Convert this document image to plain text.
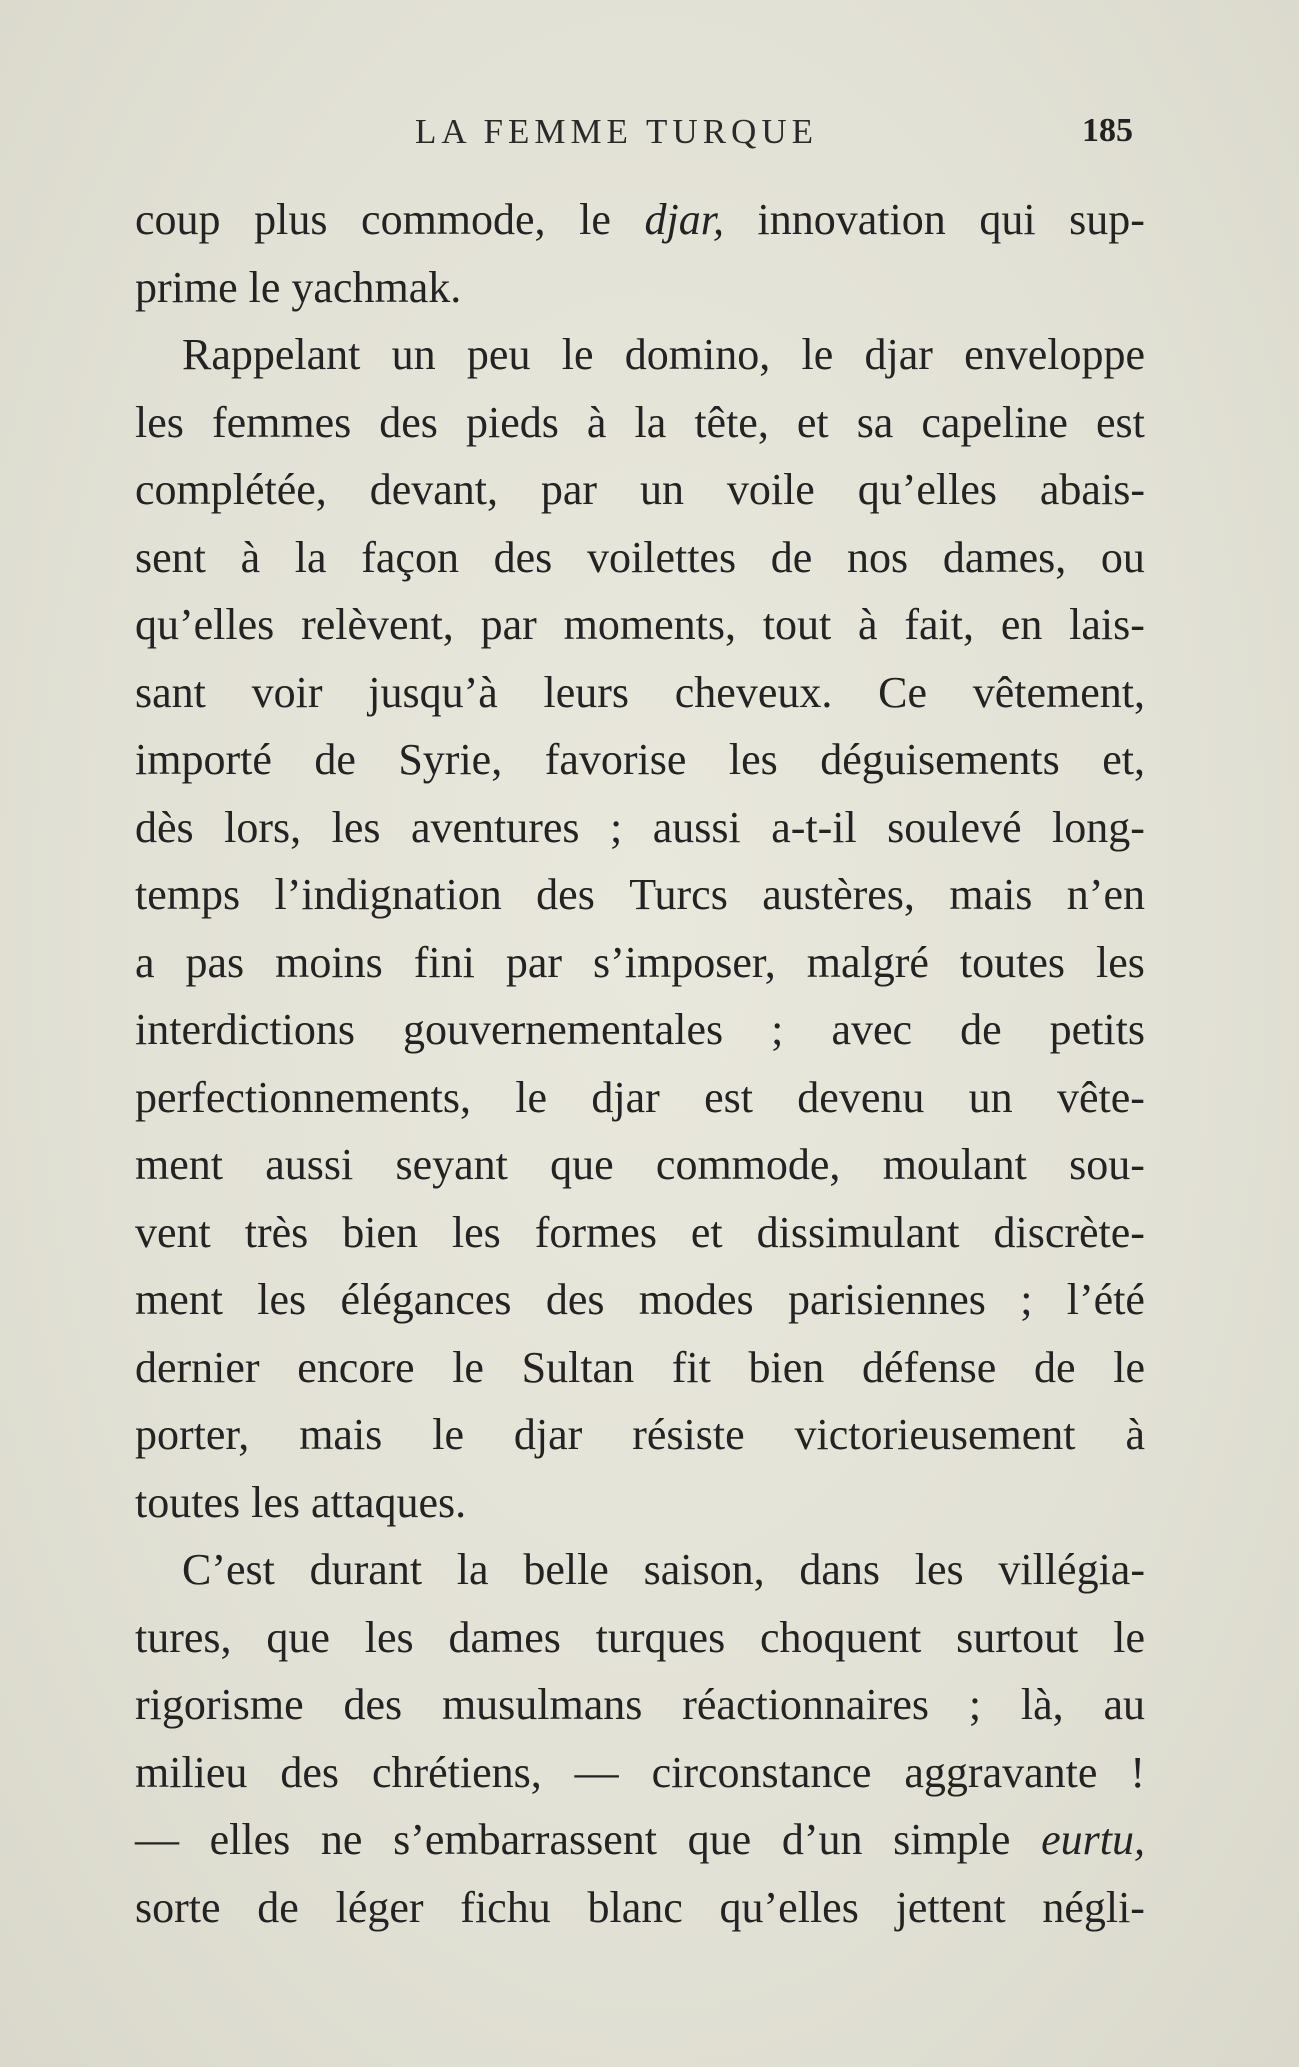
LA FEMME TURQUE	185
coup plus commode, le djar, innovation qui sup-
prime le yachmak.
Rappelant un peu le domino, le djar enveloppe
les femmes des pieds à la tête, et sa capeline est
complétée, devant, par un voile qu’elles abais-
sent à la façon des voilettes de nos dames, ou
qu’elles relèvent, par moments, tout à fait, en lais-
sant voir jusqu’à leurs cheveux. Ce vêtement,
importé de Syrie, favorise les déguisements et,
dès lors, les aventures ; aussi a-t-il soulevé long-
temps l’indignation des Turcs austères, mais n’en
a pas moins fini par s’imposer, malgré toutes les
interdictions gouvernementales ; avec de petits
perfectionnements, le djar est devenu un vête-
ment aussi seyant que commode, moulant sou-
vent très bien les formes et dissimulant discrète-
ment les élégances des modes parisiennes ; l’été
dernier encore le Sultan fit bien défense de le
porter, mais le djar résiste victorieusement à
toutes les attaques.
C’est durant la belle saison, dans les villégia-
tures, que les dames turques choquent surtout le
rigorisme des musulmans réactionnaires ; là, au
milieu des chrétiens, — circonstance aggravante !
— elles ne s’embarrassent que d’un simple eurtu,
sorte de léger fichu blanc qu’elles jettent négli-
